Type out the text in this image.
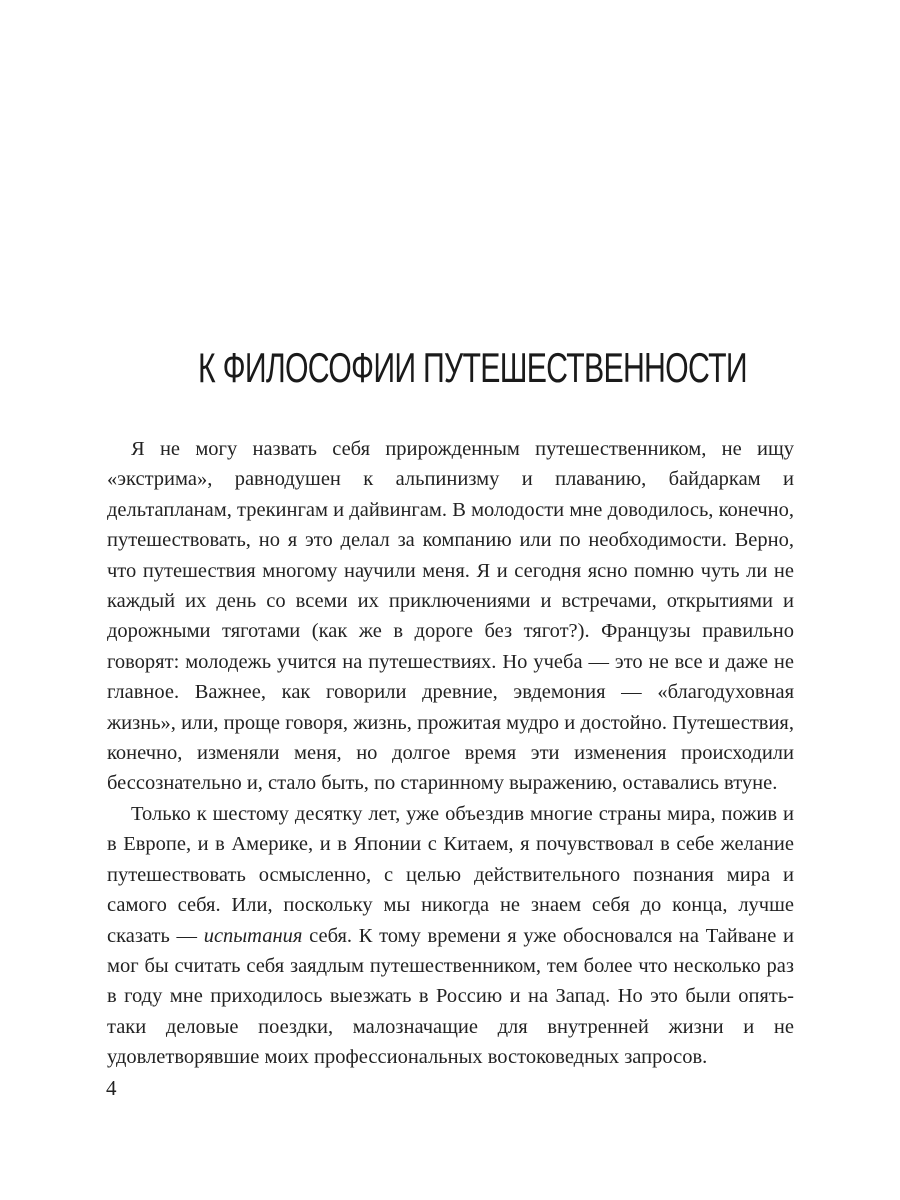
К ФИЛОСОФИИ ПУТЕШЕСТВЕННОСТИ

Я не могу назвать себя прирожденным путешественником, не ищу «экстрима», равнодушен к альпинизму и плаванию, байдаркам и дельтапланам, трекингам и дайвингам. В молодости мне доводилось, конечно, путешествовать, но я это делал за компанию или по необходимости. Верно, что путешествия многому научили меня. Я и сегодня ясно помню чуть ли не каждый их день со всеми их приключениями и встречами, открытиями и дорожными тяготами (как же в дороге без тягот?). Французы правильно говорят: молодежь учится на путешествиях. Но учеба — это не все и даже не главное. Важнее, как говорили древние, эвдемония — «благодуховная жизнь», или, проще говоря, жизнь, прожитая мудро и достойно. Путешествия, конечно, изменяли меня, но долгое время эти изменения происходили бессознательно и, стало быть, по старинному выражению, оставались втуне.

Только к шестому десятку лет, уже объездив многие страны мира, пожив и в Европе, и в Америке, и в Японии с Китаем, я почувствовал в себе желание путешествовать осмысленно, с целью действительного познания мира и самого себя. Или, поскольку мы никогда не знаем себя до конца, лучше сказать — испытания себя. К тому времени я уже обосновался на Тайване и мог бы считать себя заядлым путешественником, тем более что несколько раз в году мне приходилось выезжать в Россию и на Запад. Но это были опять-таки деловые поездки, малозначащие для внутренней жизни и не удовлетворявшие моих профессиональных востоковедных запросов.

4
